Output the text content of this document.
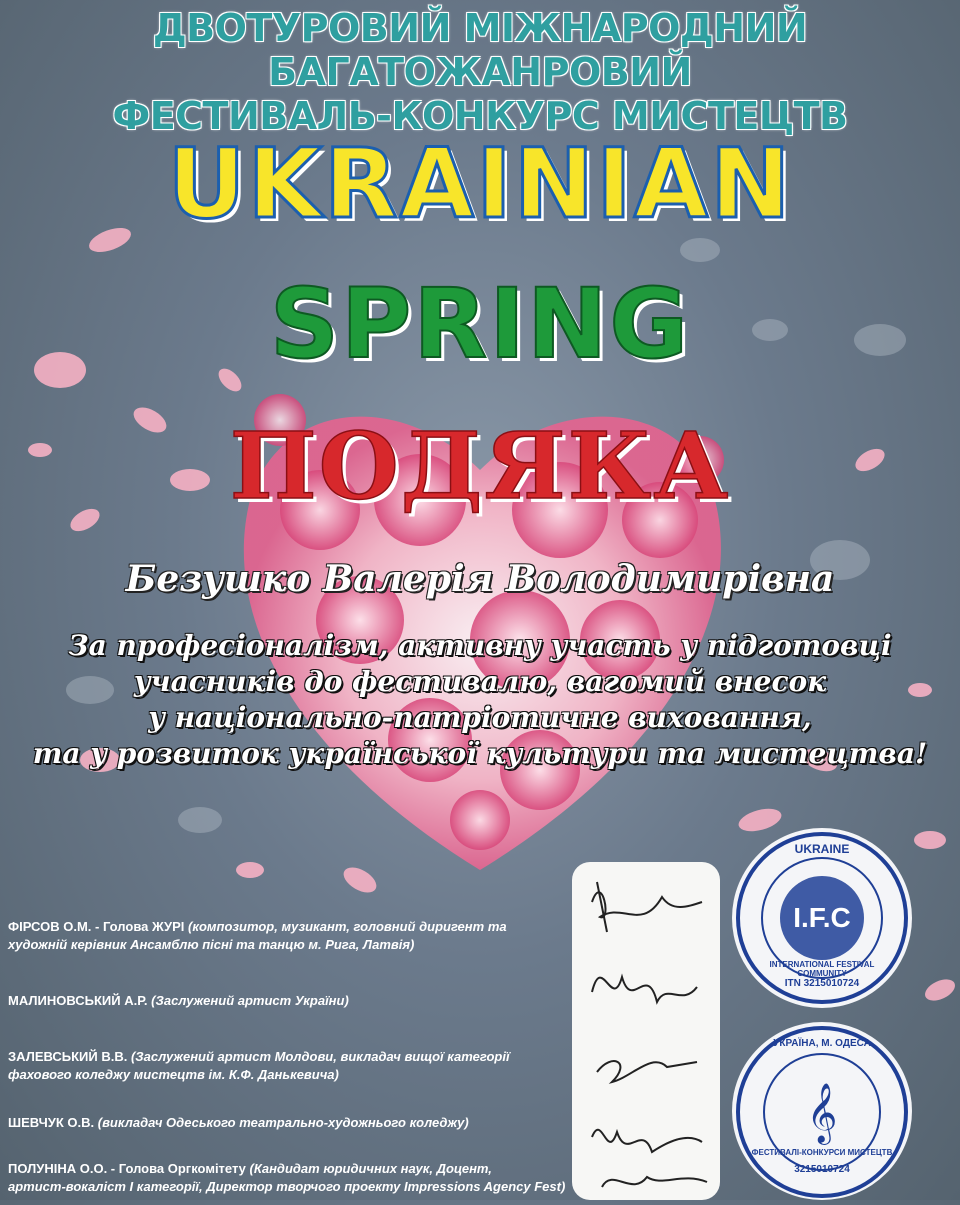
ДВОТУРОВИЙ МІЖНАРОДНИЙ БАГАТОЖАНРОВИЙ
ФЕСТИВАЛЬ-КОНКУРС МИСТЕЦТВ
UKRAINIAN
SPRING
ПОДЯКА
Безушко Валерія Володимирівна
За професіоналізм, активну участь у підготовці
учасників до фестивалю, вагомий внесок
у національно-патріотичне виховання,
та у розвиток української культури та мистецтва!
ФІРСОВ О.М. - Голова ЖУРІ (композитор, музикант, головний диригент та
художній керівник Ансамблю пісні та танцю м. Рига, Латвія)
МАЛИНОВСЬКИЙ А.Р. (Заслужений артист України)
ЗАЛЕВСЬКИЙ В.В. (Заслужений артист Молдови, викладач вищої категорії
фахового коледжу мистецтв ім. К.Ф. Данькевича)
ШЕВЧУК О.В. (викладач Одеського театрально-художнього коледжу)
ПОЛУНІНА О.О. - Голова Оргкомітету (Кандидат юридичних наук, Доцент,
артист-вокаліст І категорії, Директор творчого проекту Impressions Agency Fest)
UKRAINE
I.F.C
INTERNATIONAL FESTIVAL COMMUNITY
ITN 3215010724
𝄞
УКРАЇНА, М. ОДЕСА
ФЕСТИВАЛІ-КОНКУРСИ МИСТЕЦТВ
3215010724
